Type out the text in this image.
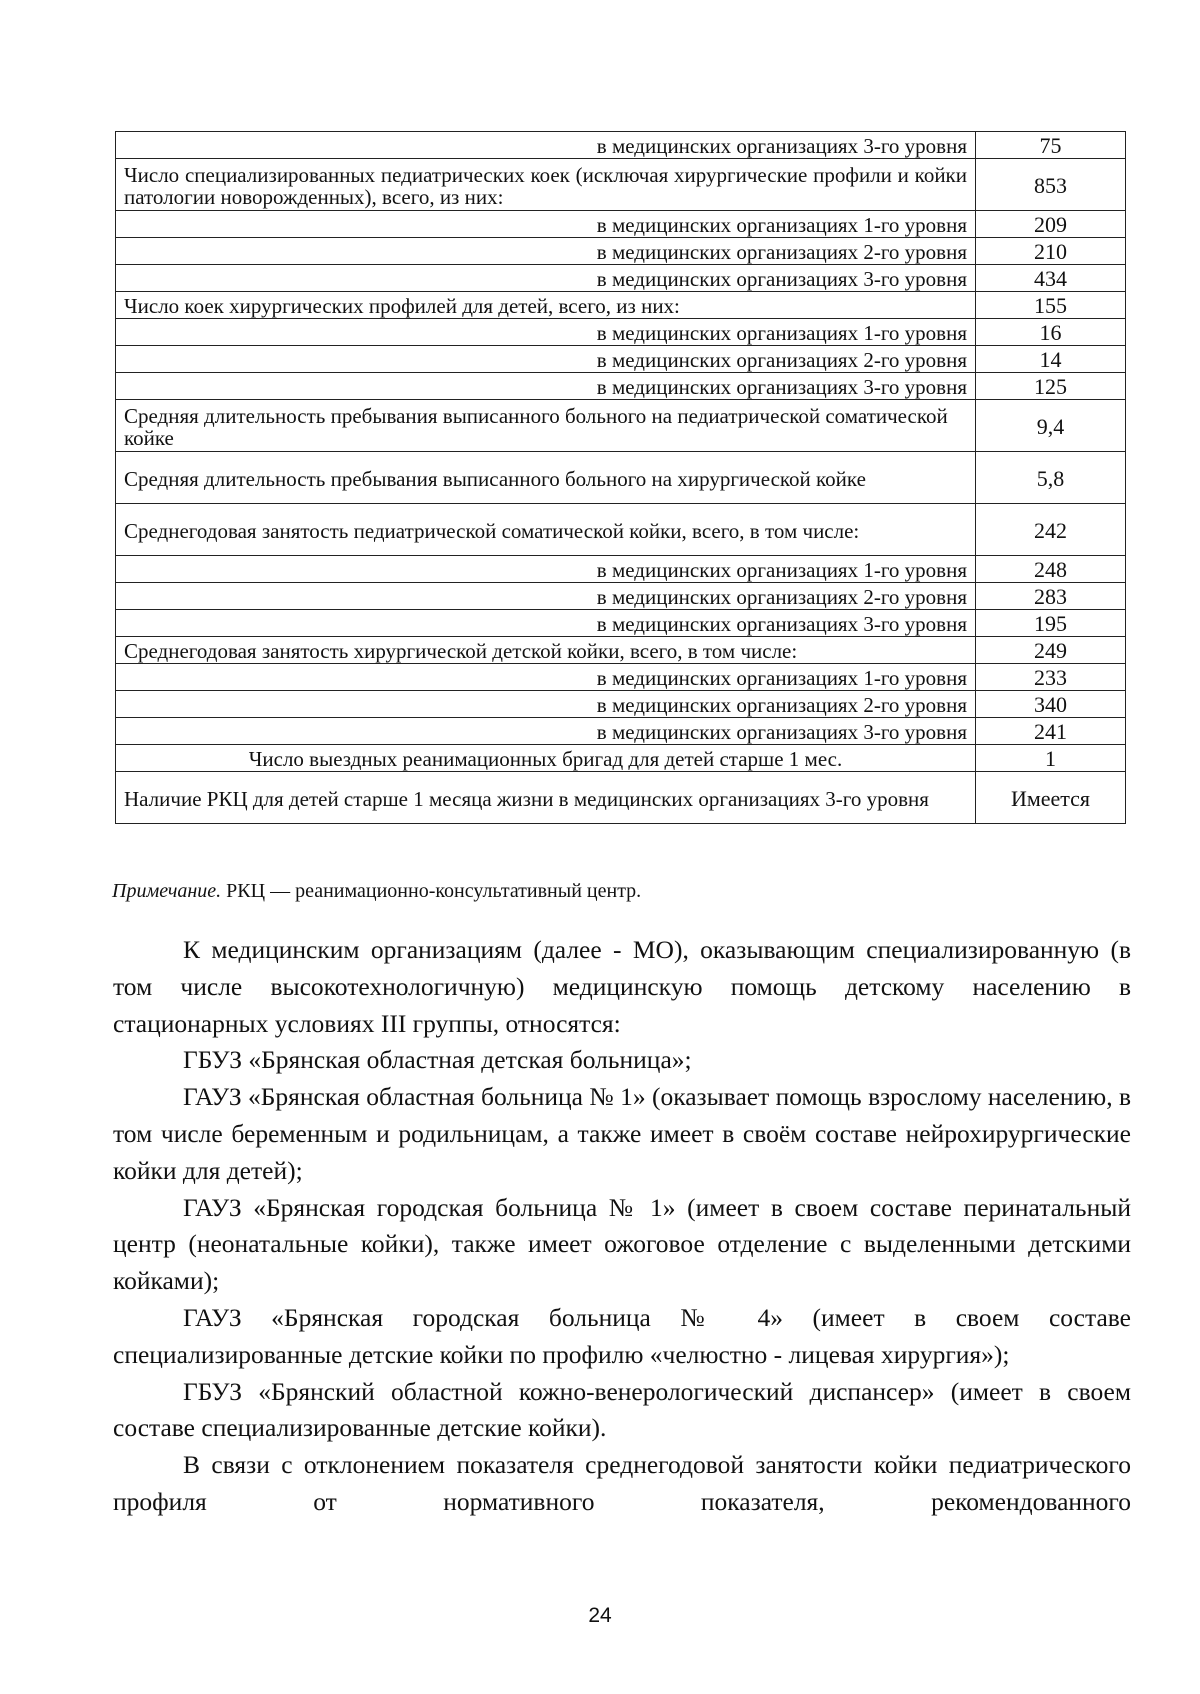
в медицинских организациях 3-го уровня	75
Число специализированных педиатрических коек (исключая хирургические профили и койки патологии новорожденных), всего, из них:	853
в медицинских организациях 1-го уровня	209
в медицинских организациях 2-го уровня	210
в медицинских организациях 3-го уровня	434
Число коек хирургических профилей для детей, всего, из них:	155
в медицинских организациях 1-го уровня	16
в медицинских организациях 2-го уровня	14
в медицинских организациях 3-го уровня	125
Средняя длительность пребывания выписанного больного на педиатрической соматической койке	9,4
Средняя длительность пребывания выписанного больного на хирургической койке	5,8
Среднегодовая занятость педиатрической соматической койки, всего, в том числе:	242
в медицинских организациях 1-го уровня	248
в медицинских организациях 2-го уровня	283
в медицинских организациях 3-го уровня	195
Среднегодовая занятость хирургической детской койки, всего, в том числе:	249
в медицинских организациях 1-го уровня	233
в медицинских организациях 2-го уровня	340
в медицинских организациях 3-го уровня	241
Число выездных реанимационных бригад для детей старше 1 мес.	1
Наличие РКЦ для детей старше 1 месяца жизни в медицинских организациях 3-го уровня	Имеется
Примечание. РКЦ — реанимационно-консультативный центр.

К медицинским организациям (далее - МО), оказывающим специализированную (в том числе высокотехнологичную) медицинскую помощь детскому населению в стационарных условиях III группы, относятся:

ГБУЗ «Брянская областная детская больница»;

ГАУЗ «Брянская областная больница № 1» (оказывает помощь взрослому населению, в том числе беременным и родильницам, а также имеет в своём составе нейрохирургические койки для детей);

ГАУЗ «Брянская городская больница № 1» (имеет в своем составе перинатальный центр (неонатальные койки), также имеет ожоговое отделение с выделенными детскими койками);

ГАУЗ «Брянская городская больница № 4» (имеет в своем составе специализированные детские койки по профилю «челюстно - лицевая хирургия»);

ГБУЗ «Брянский областной кожно-венерологический диспансер» (имеет в своем составе специализированные детские койки).

В связи с отклонением показателя среднегодовой занятости койки педиатрического профиля от нормативного показателя, рекомендованного

24
